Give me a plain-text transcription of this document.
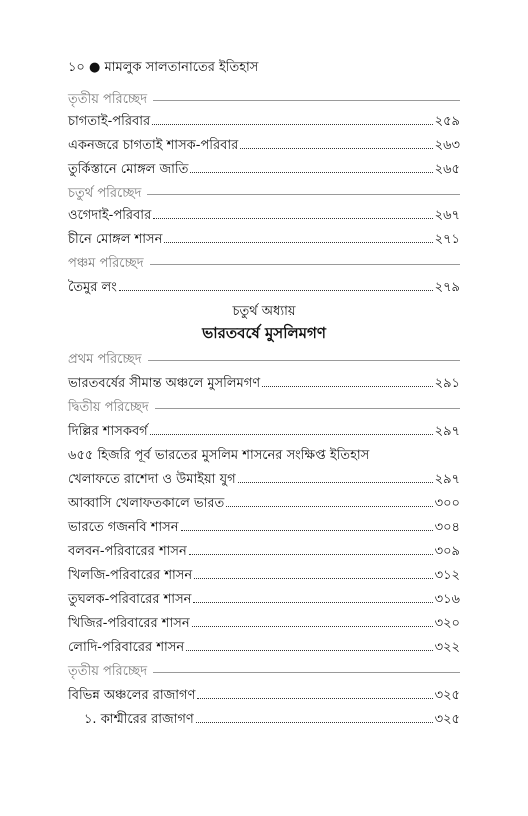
১০ ● মামলুক সালতানাতের ইতিহাস
তৃতীয় পরিচ্ছেদ
চাগতাই-পরিবার	২৫৯
একনজরে চাগতাই শাসক-পরিবার	২৬৩
তুর্কিস্তানে মোঙ্গল জাতি	২৬৫
চতুর্থ পরিচ্ছেদ
ওগেদাই-পরিবার	২৬৭
চীনে মোঙ্গল শাসন	২৭১
পঞ্চম পরিচ্ছেদ
তৈমুর লং	২৭৯
চতুর্থ অধ্যায়
ভারতবর্ষে মুসলিমগণ
প্রথম পরিচ্ছেদ
ভারতবর্ষের সীমান্ত অঞ্চলে মুসলিমগণ	২৯১
দ্বিতীয় পরিচ্ছেদ
দিল্লির শাসকবর্গ	২৯৭
৬৫৫ হিজরি পূর্ব ভারতের মুসলিম শাসনের সংক্ষিপ্ত ইতিহাস
খেলাফতে রাশেদা ও উমাইয়া যুগ	২৯৭
আব্বাসি খেলাফতকালে ভারত	৩০০
ভারতে গজনবি শাসন	৩০৪
বলবন-পরিবারের শাসন	৩০৯
খিলজি-পরিবারের শাসন	৩১২
তুঘলক-পরিবারের শাসন	৩১৬
খিজির-পরিবারের শাসন	৩২০
লোদি-পরিবারের শাসন	৩২২
তৃতীয় পরিচ্ছেদ
বিভিন্ন অঞ্চলের রাজাগণ	৩২৫
১. কাশ্মীরের রাজাগণ	৩২৫
